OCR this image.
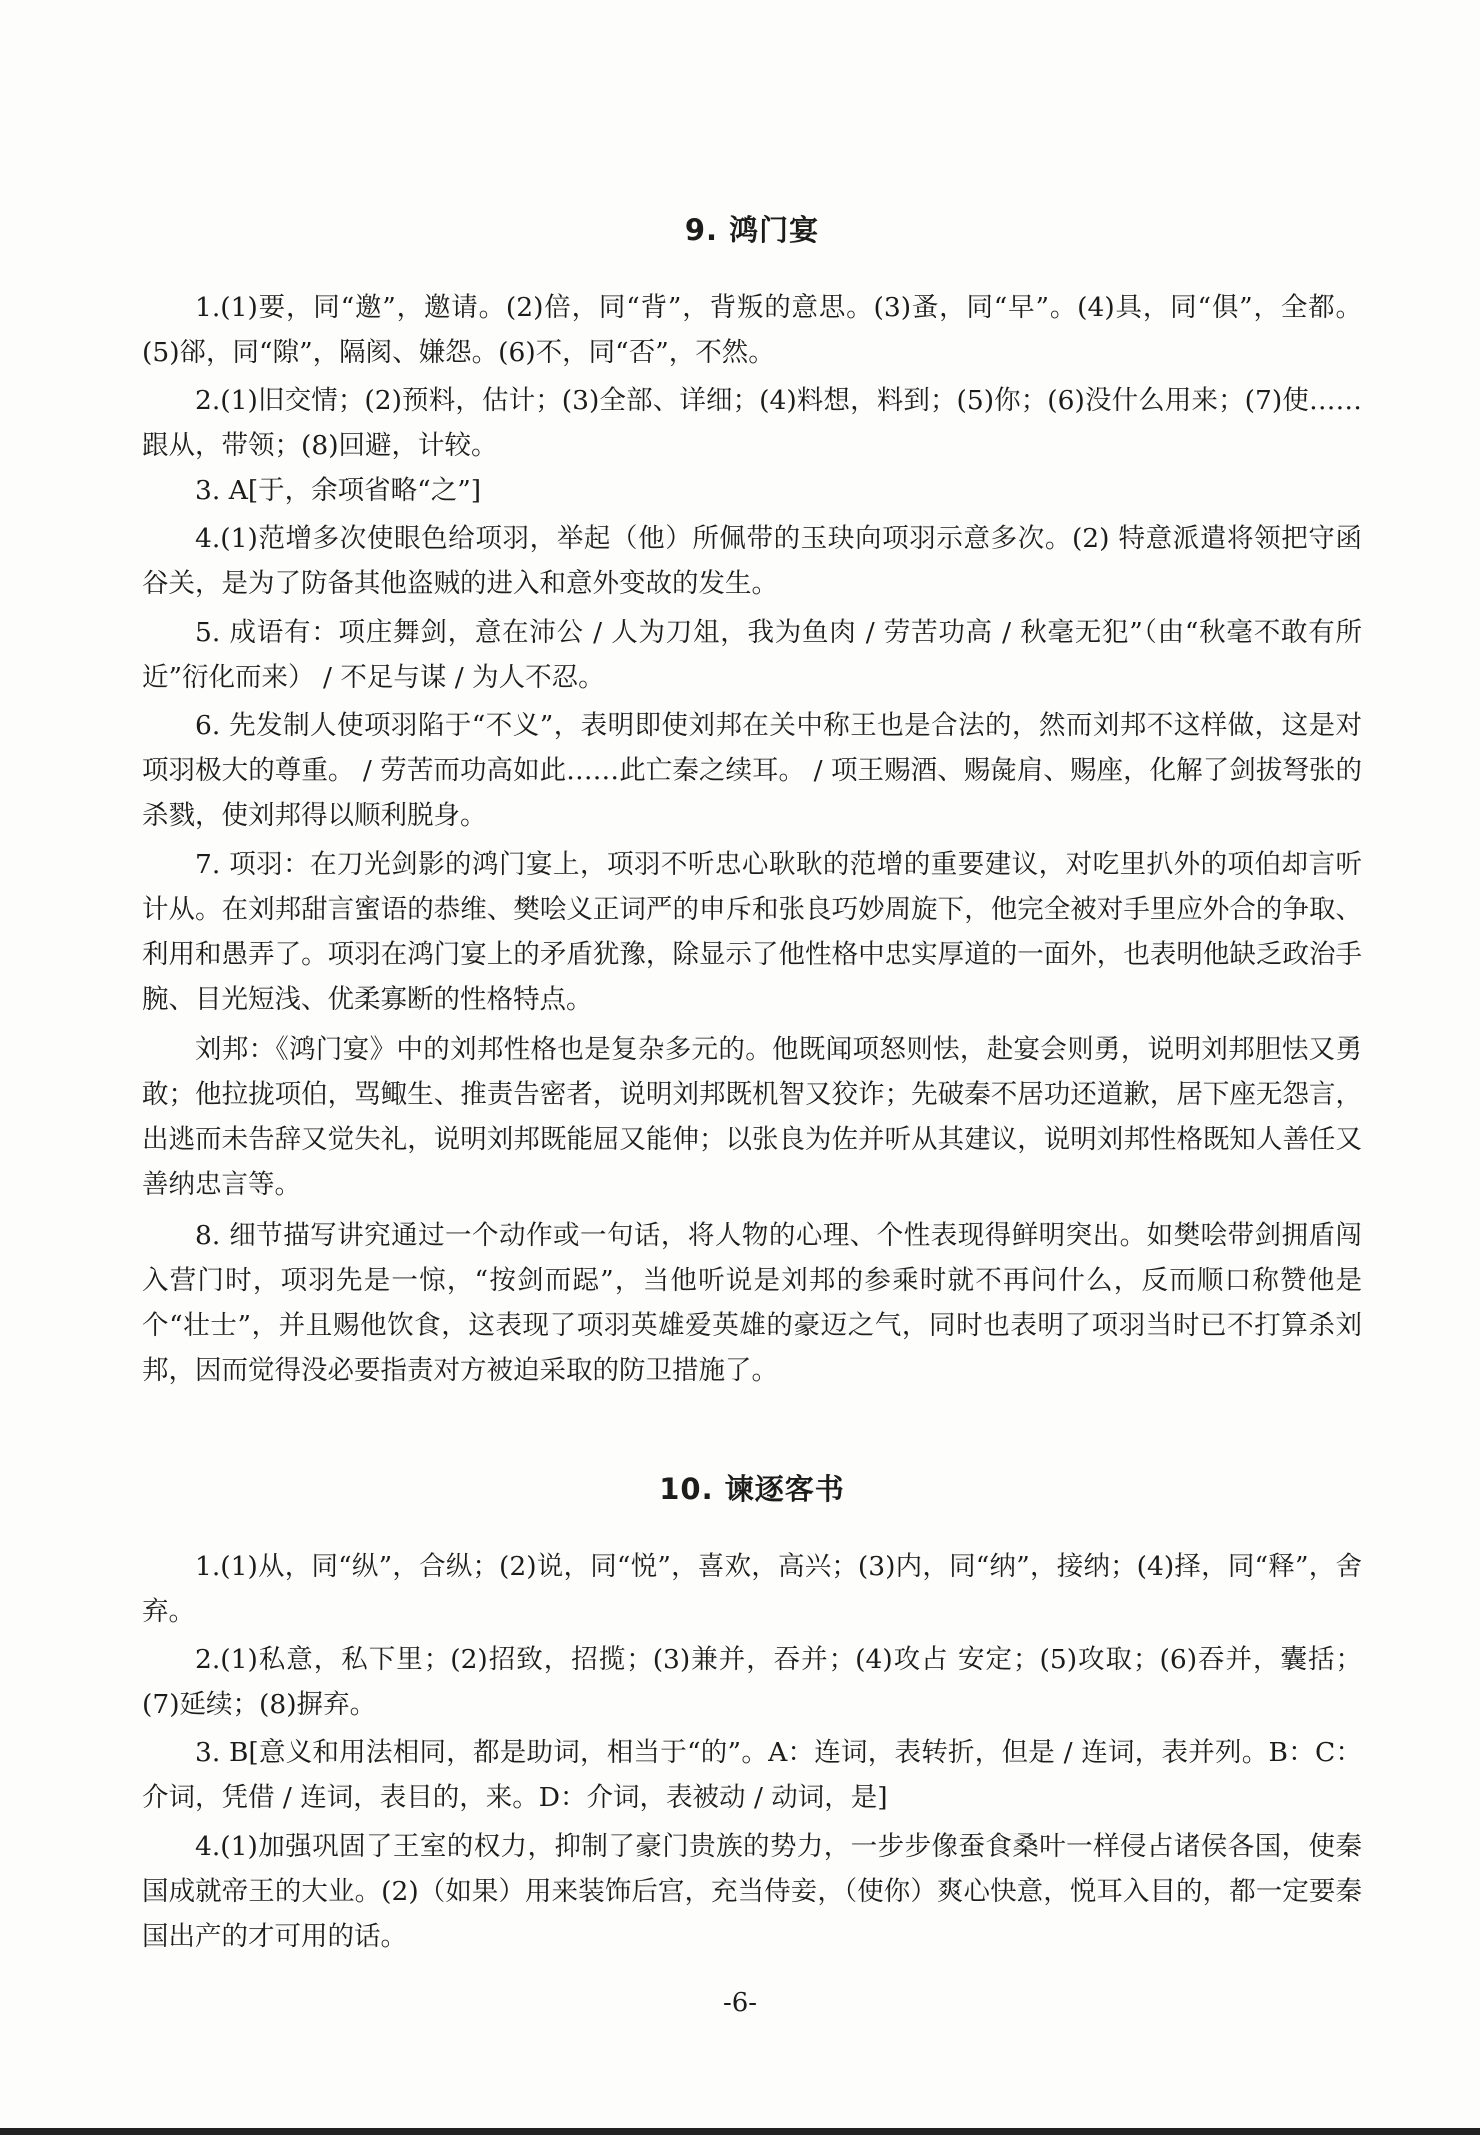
9. 鸿门宴

1.(1)要，同“邀”，邀请。(2)倍，同“背”，背叛的意思。(3)蚤，同“早”。(4)具，同“俱”，全都。(5)郤，同“隙”，隔阂、嫌怨。(6)不，同“否”，不然。

2.(1)旧交情；(2)预料，估计；(3)全部、详细；(4)料想，料到；(5)你；(6)没什么用来；(7)使……跟从，带领；(8)回避，计较。

3. A[于，余项省略“之”]

4.(1)范增多次使眼色给项羽，举起（他）所佩带的玉玦向项羽示意多次。(2) 特意派遣将领把守函谷关，是为了防备其他盗贼的进入和意外变故的发生。

5. 成语有：项庄舞剑，意在沛公 / 人为刀俎，我为鱼肉 / 劳苦功高 / 秋毫无犯”（由“秋毫不敢有所近”衍化而来） / 不足与谋 / 为人不忍。

6. 先发制人使项羽陷于“不义”，表明即使刘邦在关中称王也是合法的，然而刘邦不这样做，这是对项羽极大的尊重。 / 劳苦而功高如此……此亡秦之续耳。 / 项王赐酒、赐彘肩、赐座，化解了剑拔弩张的杀戮，使刘邦得以顺利脱身。

7. 项羽：在刀光剑影的鸿门宴上，项羽不听忠心耿耿的范增的重要建议，对吃里扒外的项伯却言听计从。在刘邦甜言蜜语的恭维、樊哙义正词严的申斥和张良巧妙周旋下，他完全被对手里应外合的争取、利用和愚弄了。项羽在鸿门宴上的矛盾犹豫，除显示了他性格中忠实厚道的一面外，也表明他缺乏政治手腕、目光短浅、优柔寡断的性格特点。

刘邦：《鸿门宴》中的刘邦性格也是复杂多元的。他既闻项怒则怯，赴宴会则勇，说明刘邦胆怯又勇敢；他拉拢项伯，骂鲰生、推责告密者，说明刘邦既机智又狡诈；先破秦不居功还道歉，居下座无怨言，出逃而未告辞又觉失礼，说明刘邦既能屈又能伸；以张良为佐并听从其建议，说明刘邦性格既知人善任又善纳忠言等。

8. 细节描写讲究通过一个动作或一句话，将人物的心理、个性表现得鲜明突出。如樊哙带剑拥盾闯入营门时，项羽先是一惊，“按剑而跽”，当他听说是刘邦的参乘时就不再问什么，反而顺口称赞他是个“壮士”，并且赐他饮食，这表现了项羽英雄爱英雄的豪迈之气，同时也表明了项羽当时已不打算杀刘邦，因而觉得没必要指责对方被迫采取的防卫措施了。

10. 谏逐客书

1.(1)从，同“纵”，合纵；(2)说，同“悦”，喜欢，高兴；(3)内，同“纳”，接纳；(4)择，同“释”，舍弃。

2.(1)私意，私下里；(2)招致，招揽；(3)兼并，吞并；(4)攻占 安定；(5)攻取；(6)吞并，囊括；(7)延续；(8)摒弃。

3. B[意义和用法相同，都是助词，相当于“的”。A：连词，表转折，但是 / 连词，表并列。B：C：介词，凭借 / 连词，表目的，来。D：介词，表被动 / 动词，是]

4.(1)加强巩固了王室的权力，抑制了豪门贵族的势力，一步步像蚕食桑叶一样侵占诸侯各国，使秦国成就帝王的大业。(2)（如果）用来装饰后宫，充当侍妾，（使你）爽心快意，悦耳入目的，都一定要秦国出产的才可用的话。

-6-
